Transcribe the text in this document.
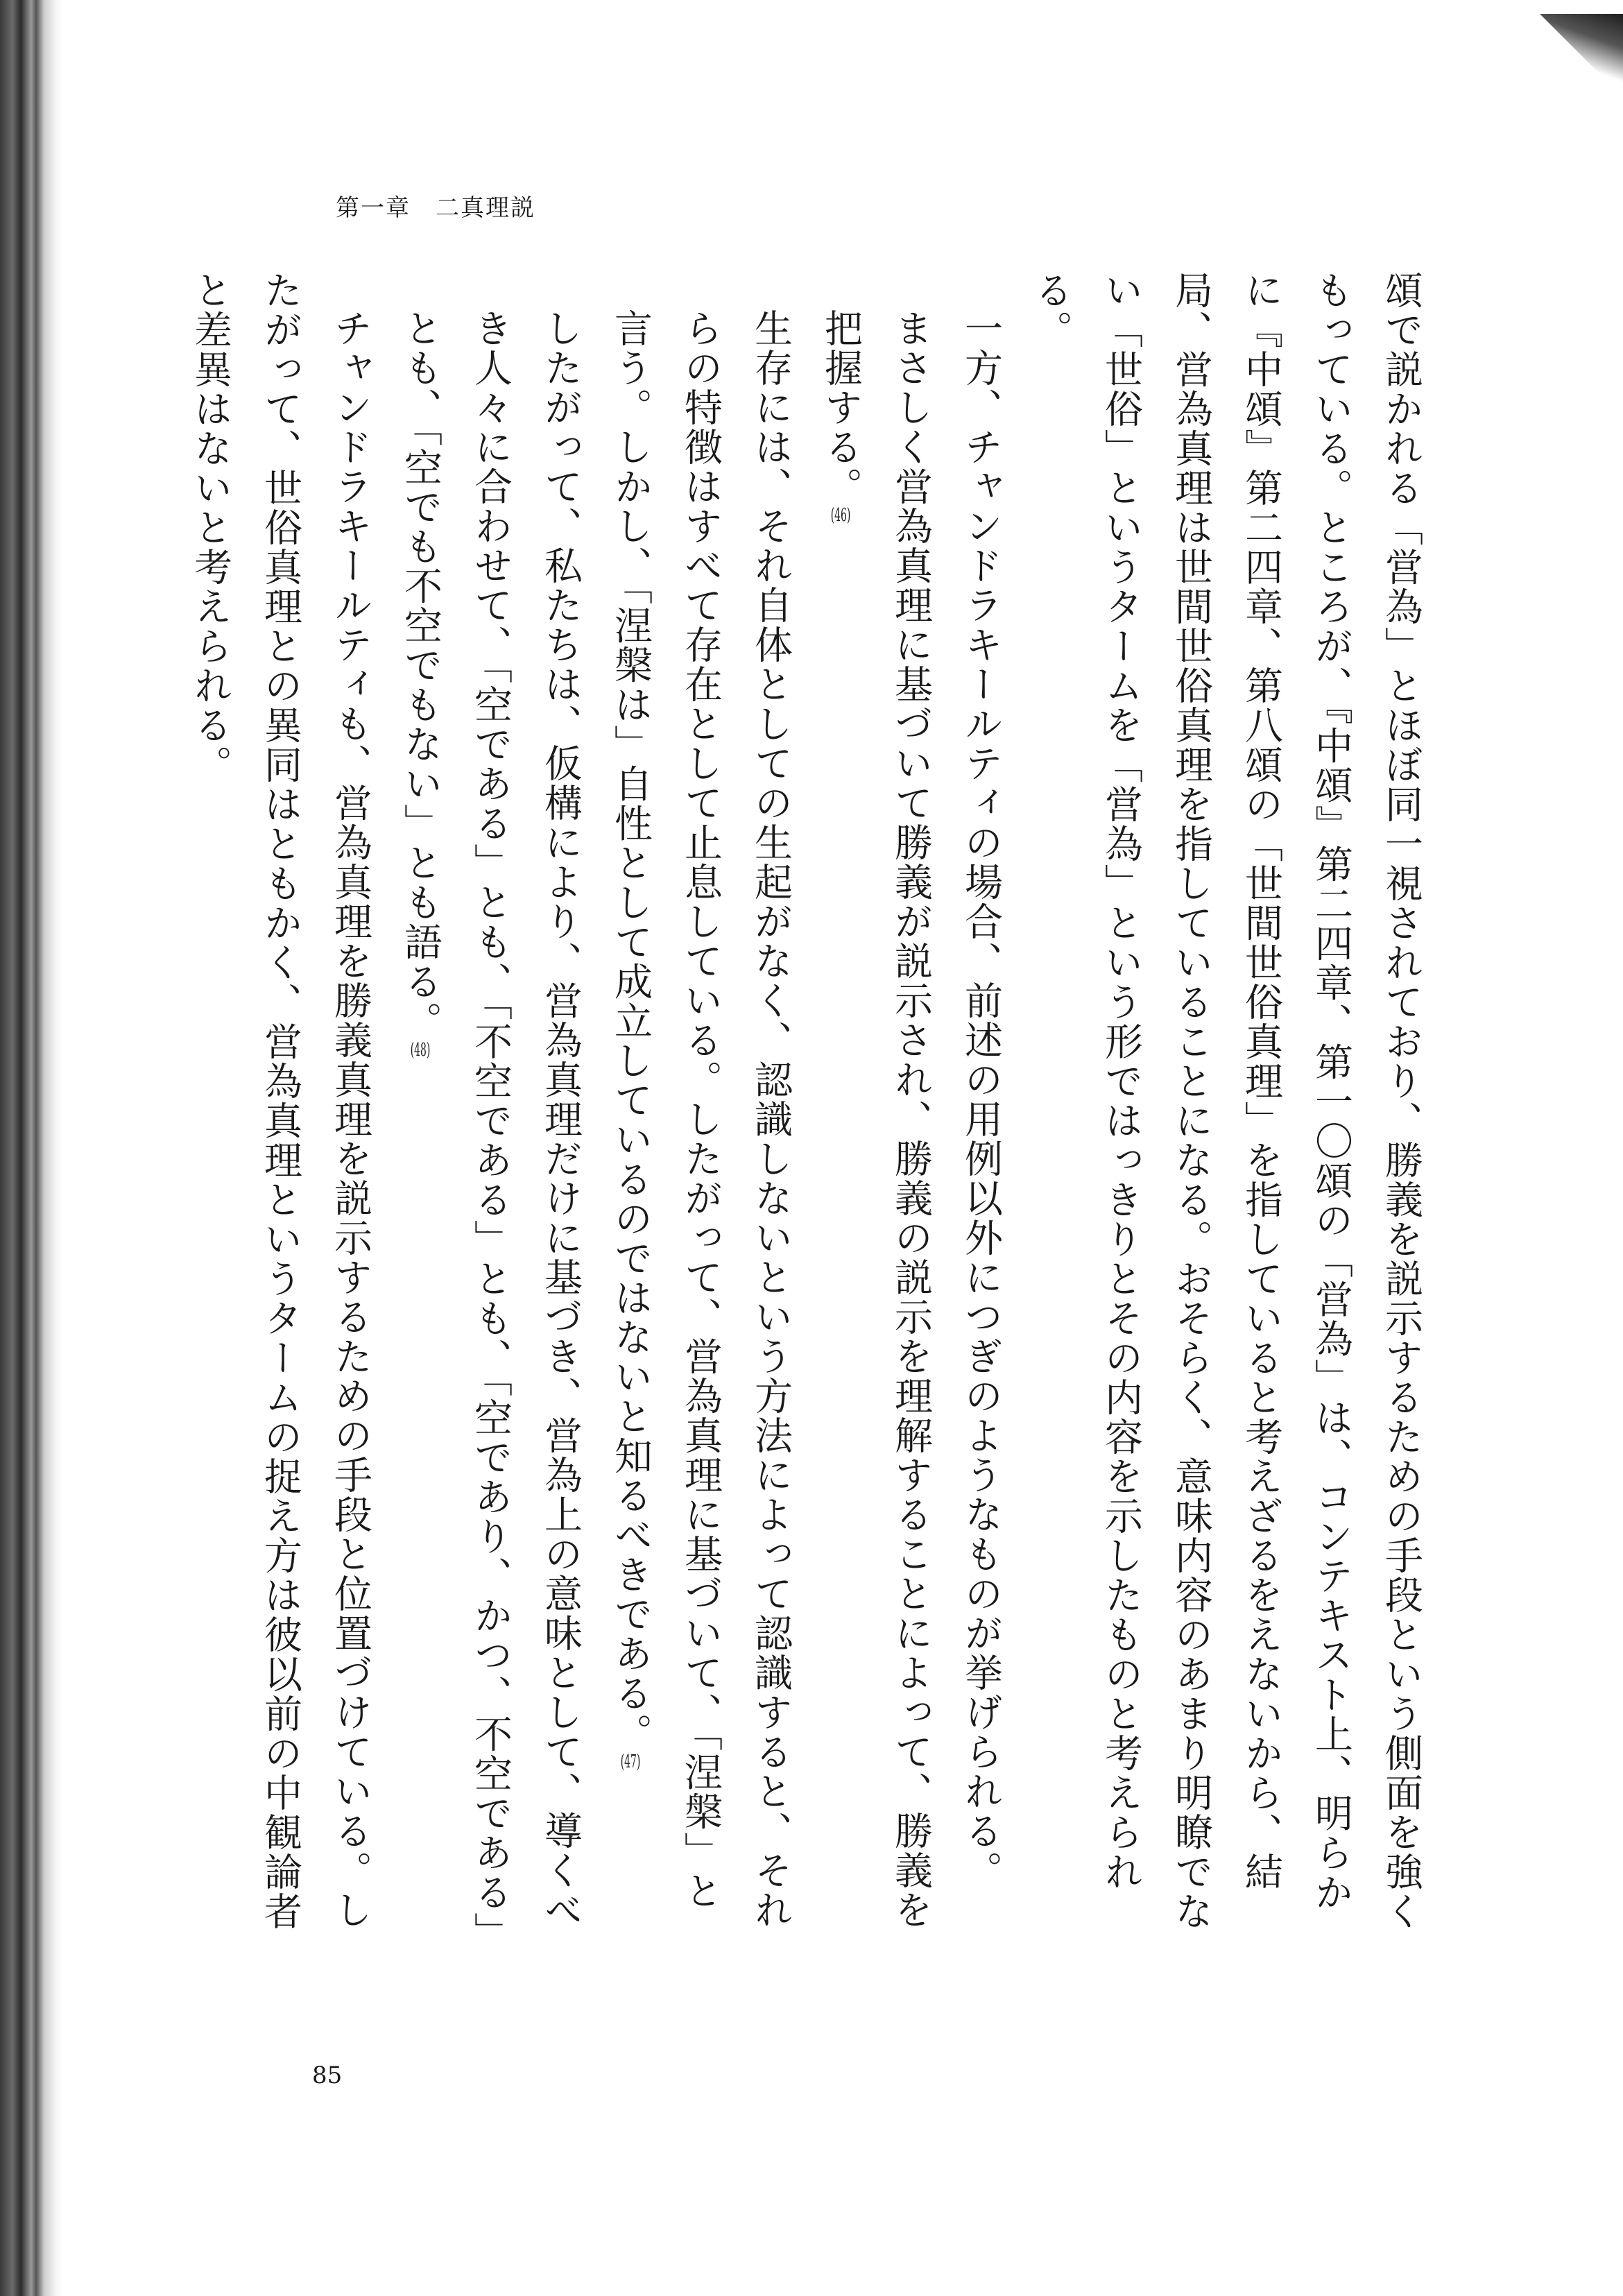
第一章　二真理説

頌で説かれる「営為」とほぼ同一視されており、勝義を説示するための手段という側面を強くもっている。ところが、『中頌』第二四章、第一〇頌の「営為」は、コンテキスト上、明らかに『中頌』第二四章、第八頌の「世間世俗真理」を指していると考えざるをえないから、結局、営為真理は世間世俗真理を指していることになる。おそらく、意味内容のあまり明瞭でない「世俗」というタームを「営為」という形ではっきりとその内容を示したものと考えられる。

一方、チャンドラキールティの場合、前述の用例以外につぎのようなものが挙げられる。

まさしく営為真理に基づいて勝義が説示され、勝義の説示を理解することによって、勝義を把握する。(46)

生存には、それ自体としての生起がなく、認識しないという方法によって認識すると、それらの特徴はすべて存在として止息している。したがって、営為真理に基づいて、「涅槃」と言う。しかし、「涅槃は」自性として成立しているのではないと知るべきである。(47)

したがって、私たちは、仮構により、営為真理だけに基づき、営為上の意味として、導くべき人々に合わせて、「空である」とも、「不空である」とも、「空であり、かつ、不空である」とも、「空でも不空でもない」とも語る。(48)

チャンドラキールティも、営為真理を勝義真理を説示するための手段と位置づけている。したがって、世俗真理との異同はともかく、営為真理というタームの捉え方は彼以前の中観論者と差異はないと考えられる。

85
